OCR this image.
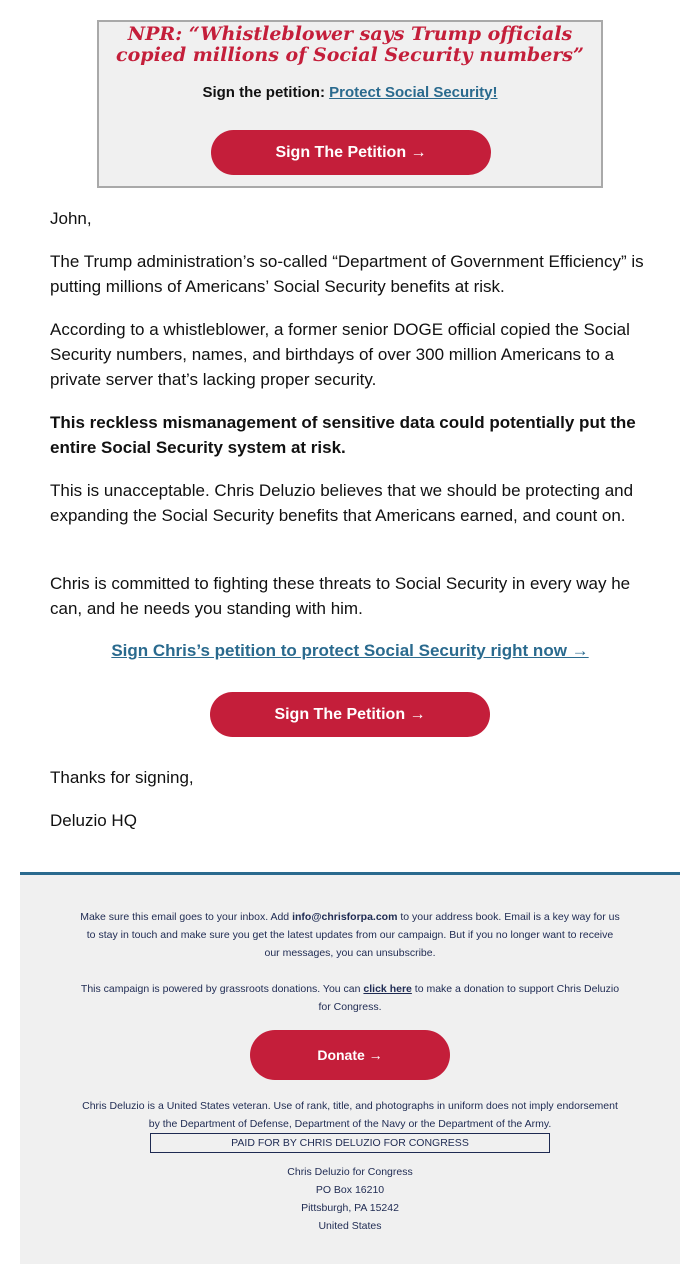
NPR: “Whistleblower says Trump officials copied millions of Social Security numbers”
Sign the petition: Protect Social Security!
Sign The Petition →
John,
The Trump administration’s so-called “Department of Government Efficiency” is putting millions of Americans’ Social Security benefits at risk.
According to a whistleblower, a former senior DOGE official copied the Social Security numbers, names, and birthdays of over 300 million Americans to a private server that’s lacking proper security.
This reckless mismanagement of sensitive data could potentially put the entire Social Security system at risk.
This is unacceptable. Chris Deluzio believes that we should be protecting and expanding the Social Security benefits that Americans earned, and count on.
Chris is committed to fighting these threats to Social Security in every way he can, and he needs you standing with him.
Sign Chris’s petition to protect Social Security right now →
Sign The Petition →
Thanks for signing,
Deluzio HQ
Make sure this email goes to your inbox. Add info@chrisforpa.com to your address book. Email is a key way for us to stay in touch and make sure you get the latest updates from our campaign. But if you no longer want to receive our messages, you can unsubscribe.
This campaign is powered by grassroots donations. You can click here to make a donation to support Chris Deluzio for Congress.
Donate →
Chris Deluzio is a United States veteran. Use of rank, title, and photographs in uniform does not imply endorsement by the Department of Defense, Department of the Navy or the Department of the Army.
PAID FOR BY CHRIS DELUZIO FOR CONGRESS
Chris Deluzio for Congress
PO Box 16210
Pittsburgh, PA 15242
United States
